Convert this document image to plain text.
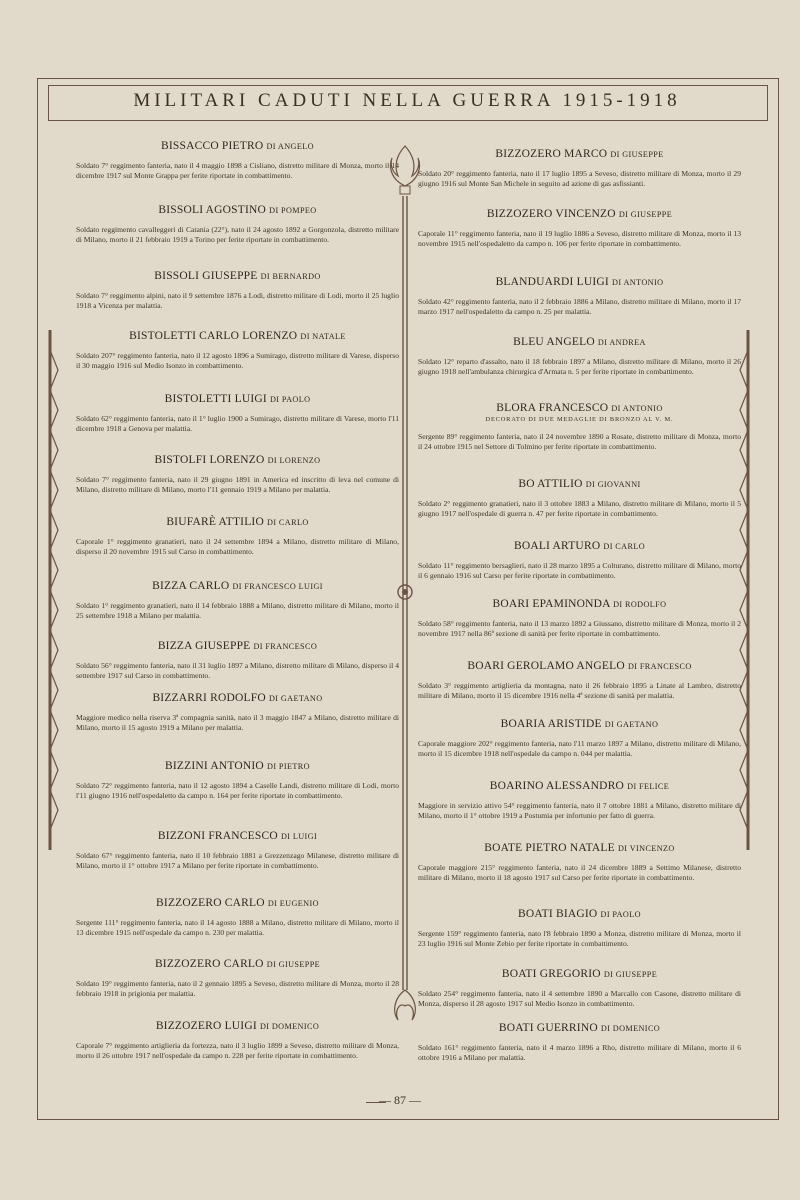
MILITARI CADUTI NELLA GUERRA 1915-1918
BISSACCO PIETRO DI ANGELO
Soldato 7° reggimento fanteria, nato il 4 maggio 1898 a Cisliano, distretto militare di Monza, morto il 14 dicembre 1917 sul Monte Grappa per ferite riportate in combattimento.
BISSOLI AGOSTINO DI POMPEO
Soldato reggimento cavalleggeri di Catania (22°), nato il 24 agosto 1892 a Gorgonzola, distretto militare di Milano, morto il 21 febbraio 1919 a Torino per ferite riportate in combattimento.
BISSOLI GIUSEPPE DI BERNARDO
Soldato 7° reggimento alpini, nato il 9 settembre 1876 a Lodi, distretto militare di Lodi, morto il 25 luglio 1918 a Vicenza per malattia.
BISTOLETTI CARLO LORENZO DI NATALE
Soldato 207° reggimento fanteria, nato il 12 agosto 1896 a Sumirago, distretto militare di Varese, disperso il 30 maggio 1916 sul Medio Isonzo in combattimento.
BISTOLETTI LUIGI DI PAOLO
Soldato 62° reggimento fanteria, nato il 1° luglio 1900 a Sumirago, distretto militare di Varese, morto l'11 dicembre 1918 a Genova per malattia.
BISTOLFI LORENZO DI LORENZO
Soldato 7° reggimento fanteria, nato il 29 giugno 1891 in America ed inscritto di leva nel comune di Milano, distretto militare di Milano, morto l'11 gennaio 1919 a Milano per malattia.
BIUFARÈ ATTILIO DI CARLO
Caporale 1° reggimento granatieri, nato il 24 settembre 1894 a Milano, distretto militare di Milano, disperso il 20 novembre 1915 sul Carso in combattimento.
BIZZA CARLO DI FRANCESCO LUIGI
Soldato 1° reggimento granatieri, nato il 14 febbraio 1888 a Milano, distretto militare di Milano, morto il 25 settembre 1918 a Milano per malattia.
BIZZA GIUSEPPE DI FRANCESCO
Soldato 56° reggimento fanteria, nato il 31 luglio 1897 a Milano, distretto militare di Milano, disperso il 4 settembre 1917 sul Carso in combattimento.
BIZZARRI RODOLFO DI GAETANO
Maggiore medico nella riserva 3ª compagnia sanità, nato il 3 maggio 1847 a Milano, distretto militare di Milano, morto il 15 agosto 1919 a Milano per malattia.
BIZZINI ANTONIO DI PIETRO
Soldato 72° reggimento fanteria, nato il 12 agosto 1894 a Caselle Landi, distretto militare di Lodi, morto l'11 giugno 1916 nell'ospedaletto da campo n. 164 per ferite riportate in combattimento.
BIZZONI FRANCESCO DI LUIGI
Soldato 67° reggimento fanteria, nato il 10 febbraio 1881 a Grezzenzago Milanese, distretto militare di Milano, morto il 1° ottobre 1917 a Milano per ferite riportate in combattimento.
BIZZOZERO CARLO DI EUGENIO
Sergente 111° reggimento fanteria, nato il 14 agosto 1888 a Milano, distretto militare di Milano, morto il 13 dicembre 1915 nell'ospedale da campo n. 230 per malattia.
BIZZOZERO CARLO DI GIUSEPPE
Soldato 19° reggimento fanteria, nato il 2 gennaio 1895 a Seveso, distretto militare di Monza, morto il 28 febbraio 1918 in prigionia per malattia.
BIZZOZERO LUIGI DI DOMENICO
Caporale 7° reggimento artiglieria da fortezza, nato il 3 luglio 1899 a Seveso, distretto militare di Monza, morto il 26 ottobre 1917 nell'ospedale da campo n. 228 per ferite riportate in combattimento.
BIZZOZERO MARCO DI GIUSEPPE
Soldato 20° reggimento fanteria, nato il 17 luglio 1895 a Seveso, distretto militare di Monza, morto il 29 giugno 1916 sul Monte San Michele in seguito ad azione di gas asfissianti.
BIZZOZERO VINCENZO DI GIUSEPPE
Caporale 11° reggimento fanteria, nato il 19 luglio 1886 a Seveso, distretto militare di Monza, morto il 13 novembre 1915 nell'ospedaletto da campo n. 106 per ferite riportate in combattimento.
BLANDUARDI LUIGI DI ANTONIO
Soldato 42° reggimento fanteria, nato il 2 febbraio 1886 a Milano, distretto militare di Milano, morto il 17 marzo 1917 nell'ospedaletto da campo n. 25 per malattia.
BLEU ANGELO DI ANDREA
Soldato 12° reparto d'assalto, nato il 18 febbraio 1897 a Milano, distretto militare di Milano, morto il 26 giugno 1918 nell'ambulanza chirurgica d'Armata n. 5 per ferite riportate in combattimento.
BLORA FRANCESCO DI ANTONIO
DECORATO DI DUE MEDAGLIE DI BRONZO AL V. M.
Sergente 89° reggimento fanteria, nato il 24 novembre 1890 a Rosate, distretto militare di Monza, morto il 24 ottobre 1915 nel Settore di Tolmino per ferite riportate in combattimento.
BO ATTILIO DI GIOVANNI
Soldato 2° reggimento granatieri, nato il 3 ottobre 1883 a Milano, distretto militare di Milano, morto il 5 giugno 1917 nell'ospedale di guerra n. 47 per ferite riportate in combattimento.
BOALI ARTURO DI CARLO
Soldato 11° reggimento bersaglieri, nato il 28 marzo 1895 a Colturano, distretto militare di Milano, morto il 6 gennaio 1916 sul Carso per ferite riportate in combattimento.
BOARI EPAMINONDA DI RODOLFO
Soldato 58° reggimento fanteria, nato il 13 marzo 1892 a Giussano, distretto militare di Monza, morto il 2 novembre 1917 nella 86ª sezione di sanità per ferite riportate in combattimento.
BOARI GEROLAMO ANGELO DI FRANCESCO
Soldato 3° reggimento artiglieria da montagna, nato il 26 febbraio 1895 a Linate al Lambro, distretto militare di Milano, morto il 15 dicembre 1916 nella 4ª sezione di sanità per malattia.
BOARIA ARISTIDE DI GAETANO
Caporale maggiore 202° reggimento fanteria, nato l'11 marzo 1897 a Milano, distretto militare di Milano, morto il 15 dicembre 1918 nell'ospedale da campo n. 044 per malattia.
BOARINO ALESSANDRO DI FELICE
Maggiore in servizio attivo 54° reggimento fanteria, nato il 7 ottobre 1881 a Milano, distretto militare di Milano, morto il 1° ottobre 1919 a Postumia per infortunio per fatto di guerra.
BOATE PIETRO NATALE DI VINCENZO
Caporale maggiore 215° reggimento fanteria, nato il 24 dicembre 1889 a Settimo Milanese, distretto militare di Milano, morto il 18 agosto 1917 sul Carso per ferite riportate in combattimento.
BOATI BIAGIO DI PAOLO
Sergente 159° reggimento fanteria, nato l'8 febbraio 1890 a Monza, distretto militare di Monza, morto il 23 luglio 1916 sul Monte Zebio per ferite riportate in combattimento.
BOATI GREGORIO DI GIUSEPPE
Soldato 254° reggimento fanteria, nato il 4 settembre 1890 a Marcallo con Casone, distretto militare di Monza, disperso il 28 agosto 1917 sul Medio Isonzo in combattimento.
BOATI GUERRINO DI DOMENICO
Soldato 161° reggimento fanteria, nato il 4 marzo 1896 a Rho, distretto militare di Milano, morto il 6 ottobre 1916 a Milano per malattia.
— 87 —
